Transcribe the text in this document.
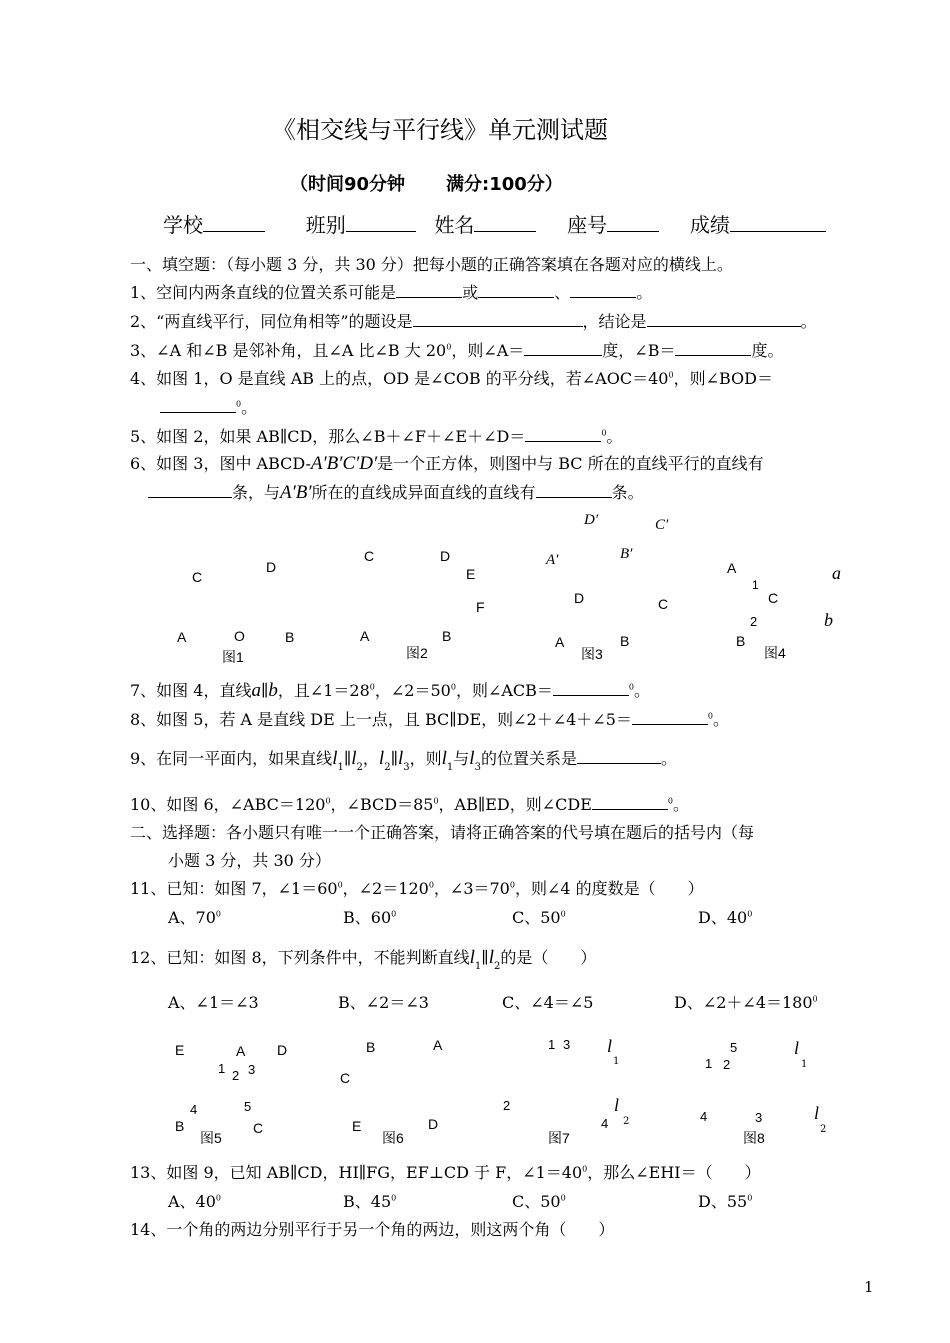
《相交线与平行线》单元测试题
（时间90分钟 满分:100分）
学校	班别	姓名	座号	成绩
一、填空题：（每小题 3 分，共 30 分）把每小题的正确答案填在各题对应的横线上。
1、空间内两条直线的位置关系可能是	或	、	。
2、“两直线平行，同位角相等”的题设是	，结论是	。
3、∠A 和∠B 是邻补角，且∠A 比∠B 大 $20^0$，则∠A＝	度，∠B＝	度。
4、如图 1，O 是直线 AB 上的点，OD 是∠COB 的平分线，若$\angle AOC=40^0$，则∠BOD＝
$^0$。
5、如图 2，如果 AB∥CD，那么∠B＋∠F＋∠E＋∠D＝	$^0$。
6、如图 3，图中 ABCD-A′B′C′D′是一个正方体，则图中与 BC 所在的直线平行的直线有
条，与A′B′所在的直线成异面直线的直线有	条。
C
D
A	O	B
图1
C	D
E
F
A	B
图2
D′	C′
A′	B′
D	C
A	B
图3
A
1
C
2
B
a
b
图4
7、如图 4，直线a∥b，且$\angle 1=28^0$，$\angle 2=50^0$，则∠ACB＝	$^0$。
8、如图 5，若 A 是直线 DE 上一点，且 BC∥DE，则∠2＋∠4＋∠5＝	$^0$。
9、在同一平面内，如果直线$l_1\parallel l_2$，$l_2\parallel l_3$，则$l_1$与$l_3$的位置关系是	。
10、如图 6，$\angle ABC=120^0$，$\angle BCD=85^0$，AB∥ED，则∠CDE	$^0$。
二、选择题：各小题只有唯一一个正确答案，请将正确答案的代号填在题后的括号内（每
小题 3 分，共 30 分）
11、已知：如图 7，$\angle 1=60^0$，$\angle 2=120^0$，$\angle 3=70^0$，则∠4 的度数是（　　）
A、$70^0$	B、$60^0$	C、$50^0$	D、$40^0$
12、已知：如图 8，下列条件中，不能判断直线$l_1\parallel l_2$的是（　　）
A、∠1＝∠3	B、∠2＝∠3	C、∠4＝∠5	D、$\angle 2+\angle 4=180^0$
E	A D
1 2 3
4	5
B	C
图5
B	A
C
E	D
图6
1 3 l
1
2	l
4 2
图7
5
1 2
l
1
4	3	l
2
图8
13、如图 9，已知 AB∥CD，HI∥FG，EF⊥CD 于 F，$\angle 1=40^0$，那么∠EHI＝（　　）
A、$40^0$	B、$45^0$	C、$50^0$	D、$55^0$
14、一个角的两边分别平行于另一个角的两边，则这两个角（　　）
1
